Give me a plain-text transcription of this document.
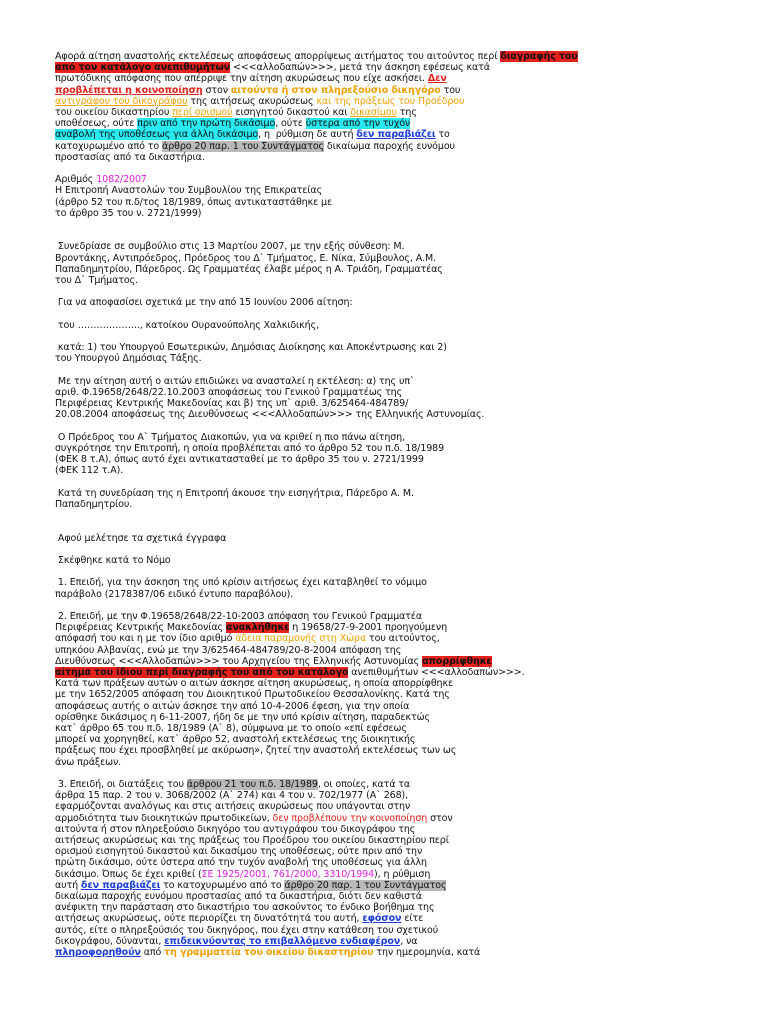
Αφορά αίτηση αναστολής εκτελέσεως αποφάσεως απορρίψεως αιτήματος του αιτούντος περί διαγραφής του
από τον κατάλογο ανεπιθυμήτων <<<αλλοδαπών>>>, μετά την άσκηση εφέσεως κατά
πρωτόδικης απόφασης που απέρριψε την αίτηση ακυρώσεως που είχε ασκήσει. Δεν
προβλέπεται η κοινοποίηση στον αιτούντα ή στον πληρεξούσιο δικηγόρο του
αντιγράφου του δικογράφου της αιτήσεως ακυρώσεως και της πράξεως του Προέδρου
του οικείου δικαστηρίου περί ορισμού εισηγητού δικαστού και δικασίμου της
υποθέσεως, ούτε πριν από την πρώτη δικάσιμο, ούτε ύστερα από την τυχόν
αναβολή της υποθέσεως για άλλη δικάσιμο, η  ρύθμιση δε αυτή δεν παραβιάζει το
κατοχυρωμένο από το άρθρο 20 παρ. 1 του Συντάγματος δικαίωμα παροχής ευνόμου
προστασίας από τα δικαστήρια.
Αριθμός 1082/2007
Η Επιτροπή Αναστολών του Συμβουλίου της Επικρατείας
(άρθρο 52 του π.δ/τος 18/1989, όπως αντικαταστάθηκε με
το άρθρο 35 του ν. 2721/1999)
Συνεδρίασε σε συμβούλιο στις 13 Μαρτίου 2007, με την εξής σύνθεση: Μ.
Βροντάκης, Αντιπρόεδρος, Πρόεδρος του Δ` Τμήματος, Ε. Νίκα, Σύμβουλος, Α.Μ.
Παπαδημητρίου, Πάρεδρος. Ως Γραμματέας έλαβε μέρος η Α. Τριάδη, Γραμματέας
του Δ` Τμήματος.
Για να αποφασίσει σχετικά με την από 15 Ιουνίου 2006 αίτηση:
του ……………….., κατοίκου Ουρανούπολης Χαλκιδικής,
κατά: 1) του Υπουργού Εσωτερικών, Δημόσιας Διοίκησης και Αποκέντρωσης και 2)
του Υπουργού Δημόσιας Τάξης.
Με την αίτηση αυτή ο αιτών επιδιώκει να ανασταλεί η εκτέλεση: α) της υπ`
αριθ. Φ.19658/2648/22.10.2003 αποφάσεως του Γενικού Γραμματέως της
Περιφέρειας Κεντρικής Μακεδονίας και β) της υπ` αριθ. 3/625464-484789/
20.08.2004 αποφάσεως της Διευθύνσεως <<<Αλλοδαπών>>> της Ελληνικής Αστυνομίας.
Ο Πρόεδρος του Α` Τμήματος Διακοπών, για να κριθεί η πιο πάνω αίτηση,
συγκρότησε την Επιτροπή, η οποία προβλέπεται από το άρθρο 52 του π.δ. 18/1989
(ΦΕΚ 8 τ.Α), όπως αυτό έχει αντικατασταθεί με το άρθρο 35 του ν. 2721/1999
(ΦΕΚ 112 τ.Α).
Κατά τη συνεδρίαση της η Επιτροπή άκουσε την εισηγήτρια, Πάρεδρο Α. Μ.
Παπαδημητρίου.
Αφού μελέτησε τα σχετικά έγγραφα
Σκέφθηκε κατά το Νόμο
1. Επειδή, για την άσκηση της υπό κρίσιν αιτήσεως έχει καταβληθεί το νόμιμο
παράβολο (2178387/06 ειδικό έντυπο παραβόλου).
2. Επειδή, με την Φ.19658/2648/22-10-2003 απόφαση του Γενικού Γραμματέα
Περιφέρειας Κεντρικής Μακεδονίας ανακλήθηκε η 19658/27-9-2001 προηγούμενη
απόφασή του και η με τον ίδιο αριθμό άδεια παραμονής στη Χώρα του αιτούντος,
υπηκόου Αλβανίας, ενώ με την 3/625464-484789/20-8-2004 απόφαση της
Διευθύνσεως <<<Αλλοδαπών>>> του Αρχηγείου της Ελληνικής Αστυνομίας απορρίφθηκε
αίτημα του ίδιου περί διαγραφής του από του κατάλογο ανεπιθυμήτων <<<αλλοδαπών>>>.
Κατά των πράξεων αυτών ο αιτών άσκησε αίτηση ακυρώσεως, η οποία απορρίφθηκε
με την 1652/2005 απόφαση του Διοικητικού Πρωτοδικείου Θεσσαλονίκης. Κατά της
αποφάσεως αυτής ο αιτών άσκησε την από 10-4-2006 έφεση, για την οποία
ορίσθηκε δικάσιμος η 6-11-2007, ήδη δε με την υπό κρίσιν αίτηση, παραδεκτώς
κατ` άρθρο 65 του π.δ. 18/1989 (Α` 8), σύμφωνα με το οποίο «επί εφέσεως
μπορεί να χορηγηθεί, κατ` άρθρο 52, αναστολή εκτελέσεως της διοικητικής
πράξεως που έχει προσβληθεί με ακύρωση», ζητεί την αναστολή εκτελέσεως των ως
άνω πράξεων.
3. Επειδή, οι διατάξεις του άρθρου 21 του π.δ. 18/1989, οι οποίες, κατά τα
άρθρα 15 παρ. 2 του ν. 3068/2002 (Α` 274) και 4 του ν. 702/1977 (Α` 268),
εφαρμόζονται αναλόγως και στις αιτήσεις ακυρώσεως που υπάγονται στην
αρμοδιότητα των διοικητικών πρωτοδικείων, δεν προβλέπουν την κοινοποίηση στον
αιτούντα ή στον πληρεξούσιο δικηγόρο του αντιγράφου του δικογράφου της
αιτήσεως ακυρώσεως και της πράξεως του Προέδρου του οικείου δικαστηρίου περί
ορισμού εισηγητού δικαστού και δικασίμου της υποθέσεως, ούτε πριν από την
πρώτη δικάσιμο, ούτε ύστερα από την τυχόν αναβολή της υποθέσεως για άλλη
δικάσιμο. Όπως δε έχει κριθεί (ΣΕ 1925/2001, 761/2000, 3310/1994), η ρύθμιση
αυτή δεν παραβιάζει το κατοχυρωμένο από το άρθρο 20 παρ. 1 του Συντάγματος
δικαίωμα παροχής ευνόμου προστασίας από τα δικαστήρια, διότι δεν καθιστά
ανέφικτη την παράσταση στο δικαστήριο του ασκούντος το ένδικο βοήθημα της
αιτήσεως ακυρώσεως, ούτε περιορίζει τη δυνατότητά του αυτή, εφόσον είτε
αυτός, είτε ο πληρεξούσιός του δικηγόρος, που έχει στην κατάθεση του σχετικού
δικογράφου, δύνανται, επιδεικνύοντας το επιβαλλόμενο ενδιαφέρον, να
πληροφορηθούν από τη γραμματεία του οικείου δικαστηρίου την ημερομηνία, κατά
